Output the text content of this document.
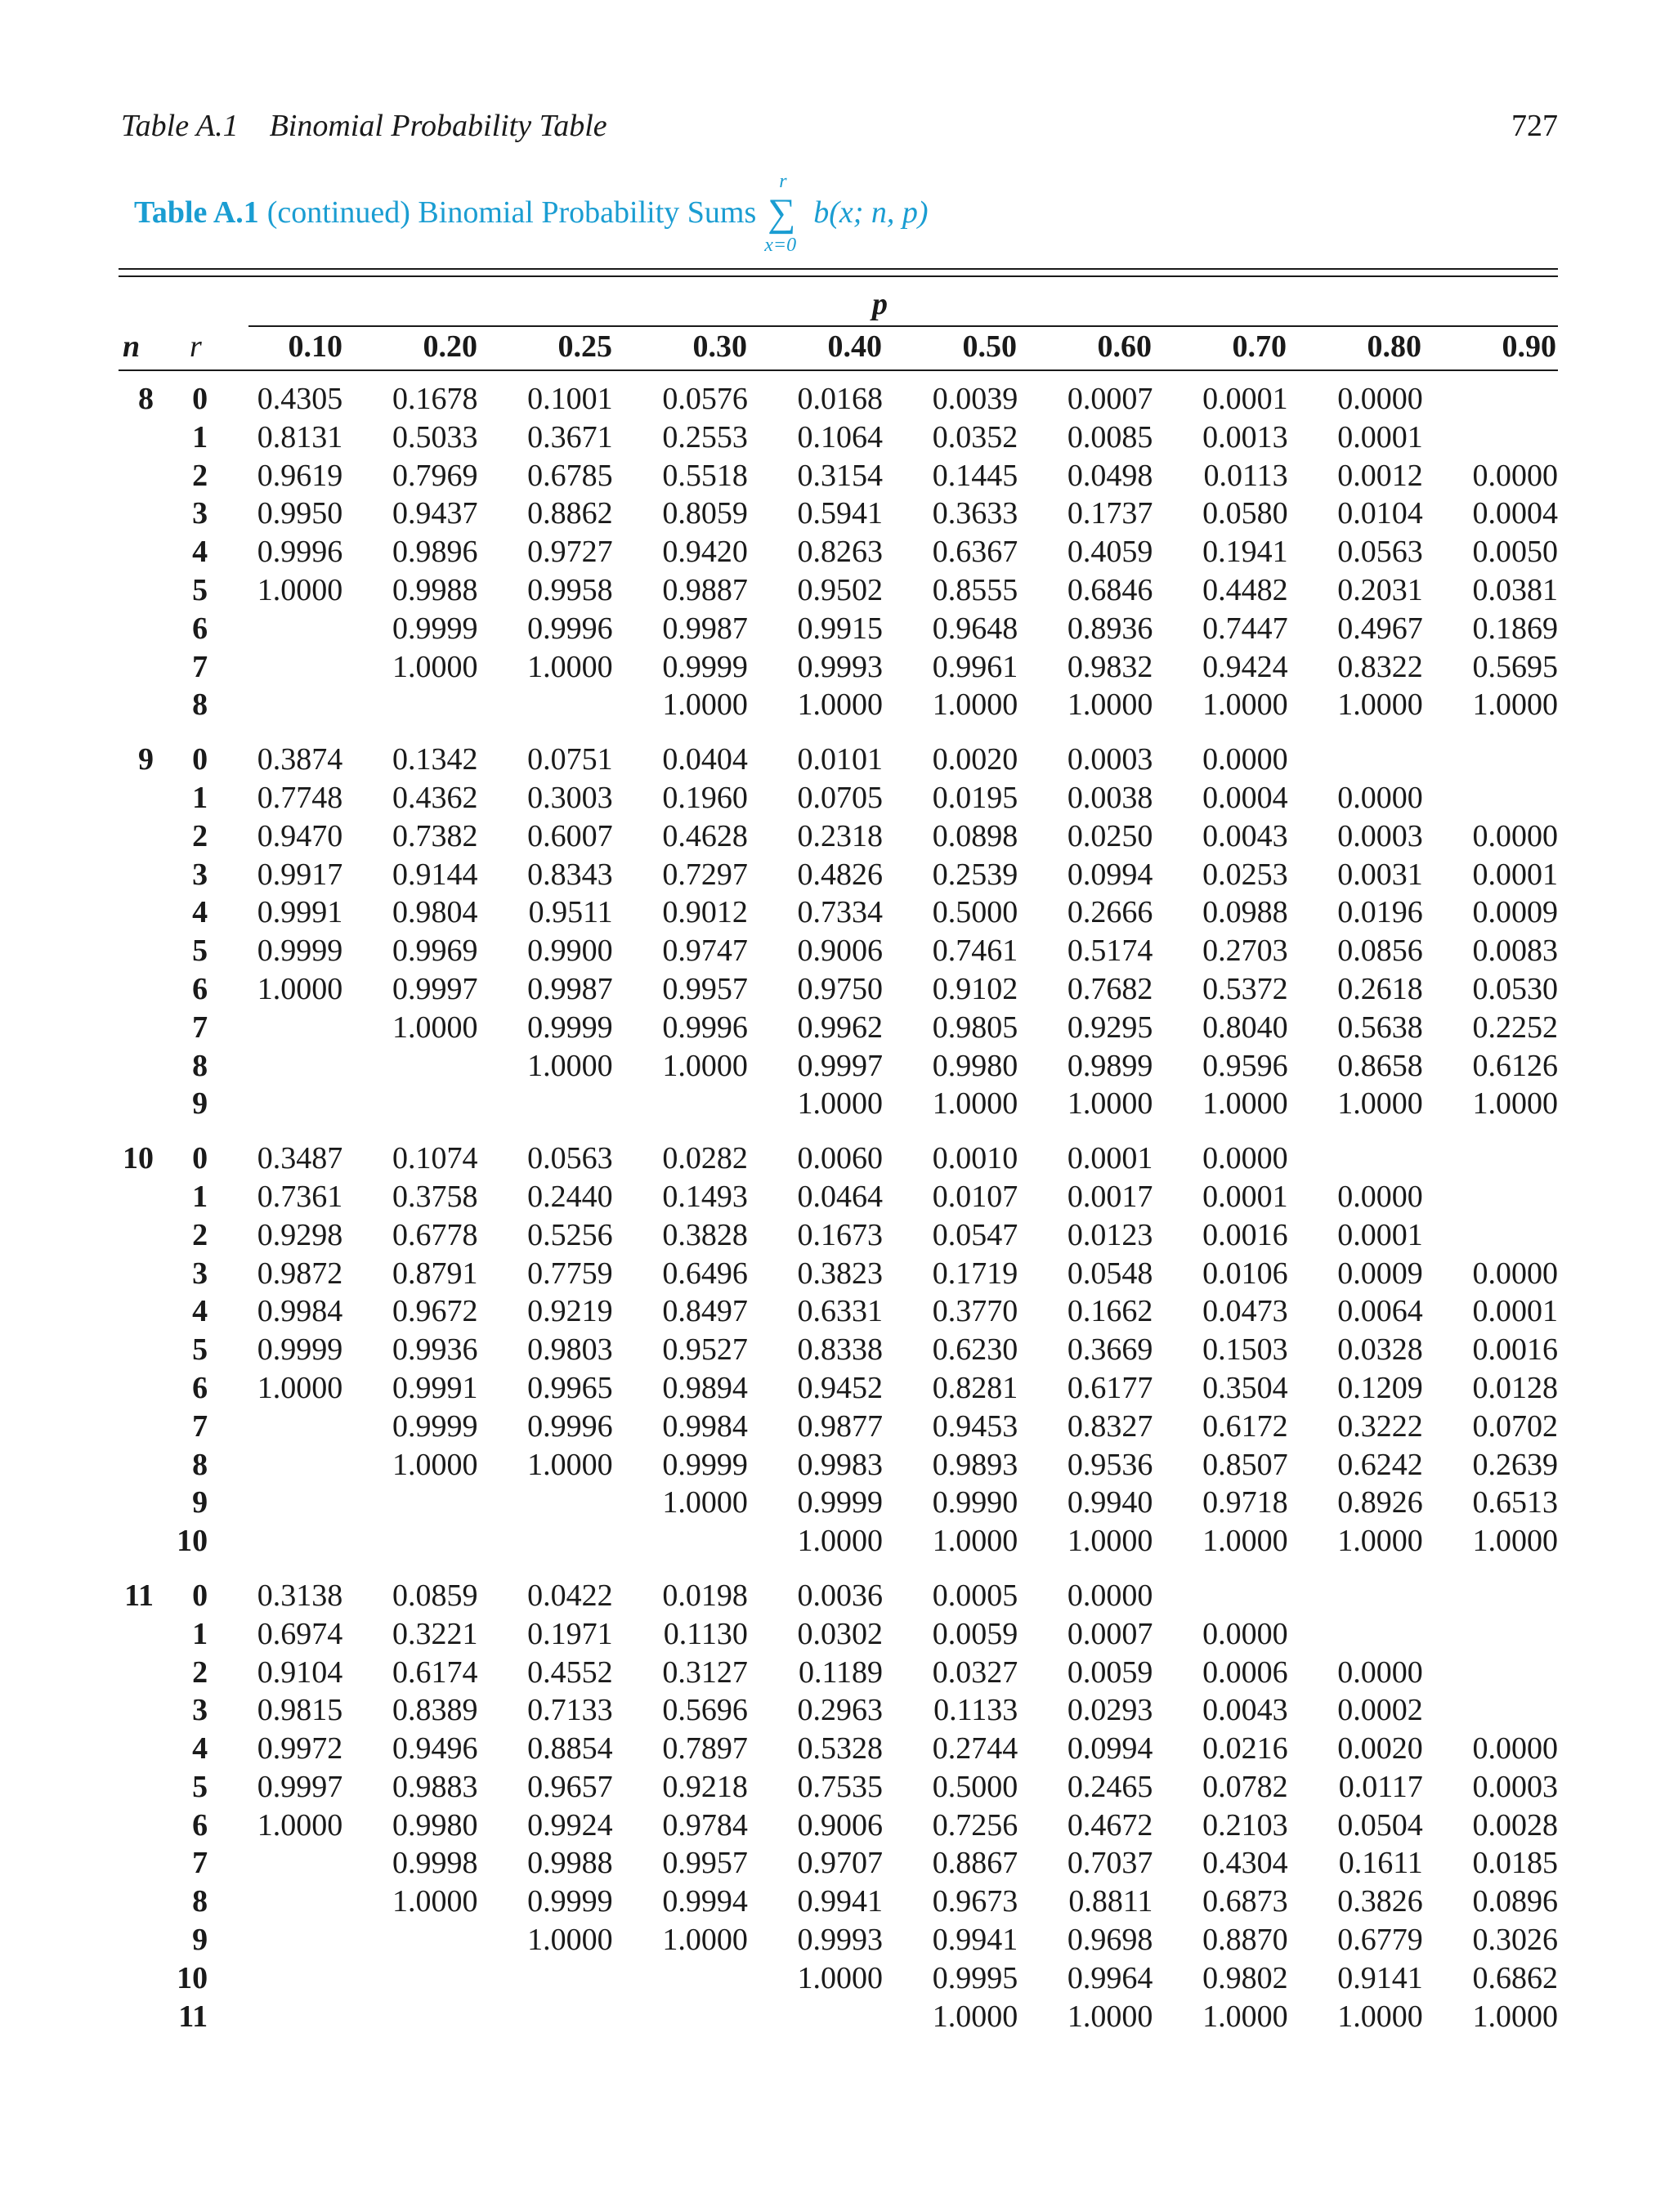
Table A.1    Binomial Probability Table	727
Table A.1 (continued) Binomial Probability Sums
r
∑
x=0
b(x; n, p)
8	0	0.4305	0.1678	0.1001	0.0576	0.0168	0.0039	0.0007	0.0001	0.0000	
	1	0.8131	0.5033	0.3671	0.2553	0.1064	0.0352	0.0085	0.0013	0.0001	
	2	0.9619	0.7969	0.6785	0.5518	0.3154	0.1445	0.0498	0.0113	0.0012	0.0000
	3	0.9950	0.9437	0.8862	0.8059	0.5941	0.3633	0.1737	0.0580	0.0104	0.0004
	4	0.9996	0.9896	0.9727	0.9420	0.8263	0.6367	0.4059	0.1941	0.0563	0.0050
	5	1.0000	0.9988	0.9958	0.9887	0.9502	0.8555	0.6846	0.4482	0.2031	0.0381
	6		0.9999	0.9996	0.9987	0.9915	0.9648	0.8936	0.7447	0.4967	0.1869
	7		1.0000	1.0000	0.9999	0.9993	0.9961	0.9832	0.9424	0.8322	0.5695
	8				1.0000	1.0000	1.0000	1.0000	1.0000	1.0000	1.0000
9	0	0.3874	0.1342	0.0751	0.0404	0.0101	0.0020	0.0003	0.0000		
	1	0.7748	0.4362	0.3003	0.1960	0.0705	0.0195	0.0038	0.0004	0.0000	
	2	0.9470	0.7382	0.6007	0.4628	0.2318	0.0898	0.0250	0.0043	0.0003	0.0000
	3	0.9917	0.9144	0.8343	0.7297	0.4826	0.2539	0.0994	0.0253	0.0031	0.0001
	4	0.9991	0.9804	0.9511	0.9012	0.7334	0.5000	0.2666	0.0988	0.0196	0.0009
	5	0.9999	0.9969	0.9900	0.9747	0.9006	0.7461	0.5174	0.2703	0.0856	0.0083
	6	1.0000	0.9997	0.9987	0.9957	0.9750	0.9102	0.7682	0.5372	0.2618	0.0530
	7		1.0000	0.9999	0.9996	0.9962	0.9805	0.9295	0.8040	0.5638	0.2252
	8			1.0000	1.0000	0.9997	0.9980	0.9899	0.9596	0.8658	0.6126
	9					1.0000	1.0000	1.0000	1.0000	1.0000	1.0000
10	0	0.3487	0.1074	0.0563	0.0282	0.0060	0.0010	0.0001	0.0000		
	1	0.7361	0.3758	0.2440	0.1493	0.0464	0.0107	0.0017	0.0001	0.0000	
	2	0.9298	0.6778	0.5256	0.3828	0.1673	0.0547	0.0123	0.0016	0.0001	
	3	0.9872	0.8791	0.7759	0.6496	0.3823	0.1719	0.0548	0.0106	0.0009	0.0000
	4	0.9984	0.9672	0.9219	0.8497	0.6331	0.3770	0.1662	0.0473	0.0064	0.0001
	5	0.9999	0.9936	0.9803	0.9527	0.8338	0.6230	0.3669	0.1503	0.0328	0.0016
	6	1.0000	0.9991	0.9965	0.9894	0.9452	0.8281	0.6177	0.3504	0.1209	0.0128
	7		0.9999	0.9996	0.9984	0.9877	0.9453	0.8327	0.6172	0.3222	0.0702
	8		1.0000	1.0000	0.9999	0.9983	0.9893	0.9536	0.8507	0.6242	0.2639
	9				1.0000	0.9999	0.9990	0.9940	0.9718	0.8926	0.6513
	10					1.0000	1.0000	1.0000	1.0000	1.0000	1.0000
11	0	0.3138	0.0859	0.0422	0.0198	0.0036	0.0005	0.0000			
	1	0.6974	0.3221	0.1971	0.1130	0.0302	0.0059	0.0007	0.0000		
	2	0.9104	0.6174	0.4552	0.3127	0.1189	0.0327	0.0059	0.0006	0.0000	
	3	0.9815	0.8389	0.7133	0.5696	0.2963	0.1133	0.0293	0.0043	0.0002	
	4	0.9972	0.9496	0.8854	0.7897	0.5328	0.2744	0.0994	0.0216	0.0020	0.0000
	5	0.9997	0.9883	0.9657	0.9218	0.7535	0.5000	0.2465	0.0782	0.0117	0.0003
	6	1.0000	0.9980	0.9924	0.9784	0.9006	0.7256	0.4672	0.2103	0.0504	0.0028
	7		0.9998	0.9988	0.9957	0.9707	0.8867	0.7037	0.4304	0.1611	0.0185
	8		1.0000	0.9999	0.9994	0.9941	0.9673	0.8811	0.6873	0.3826	0.0896
	9			1.0000	1.0000	0.9993	0.9941	0.9698	0.8870	0.6779	0.3026
	10					1.0000	0.9995	0.9964	0.9802	0.9141	0.6862
	11						1.0000	1.0000	1.0000	1.0000	1.0000
p
n r	0.10	0.20	0.25	0.30	0.40	0.50	0.60	0.70	0.80	0.90
